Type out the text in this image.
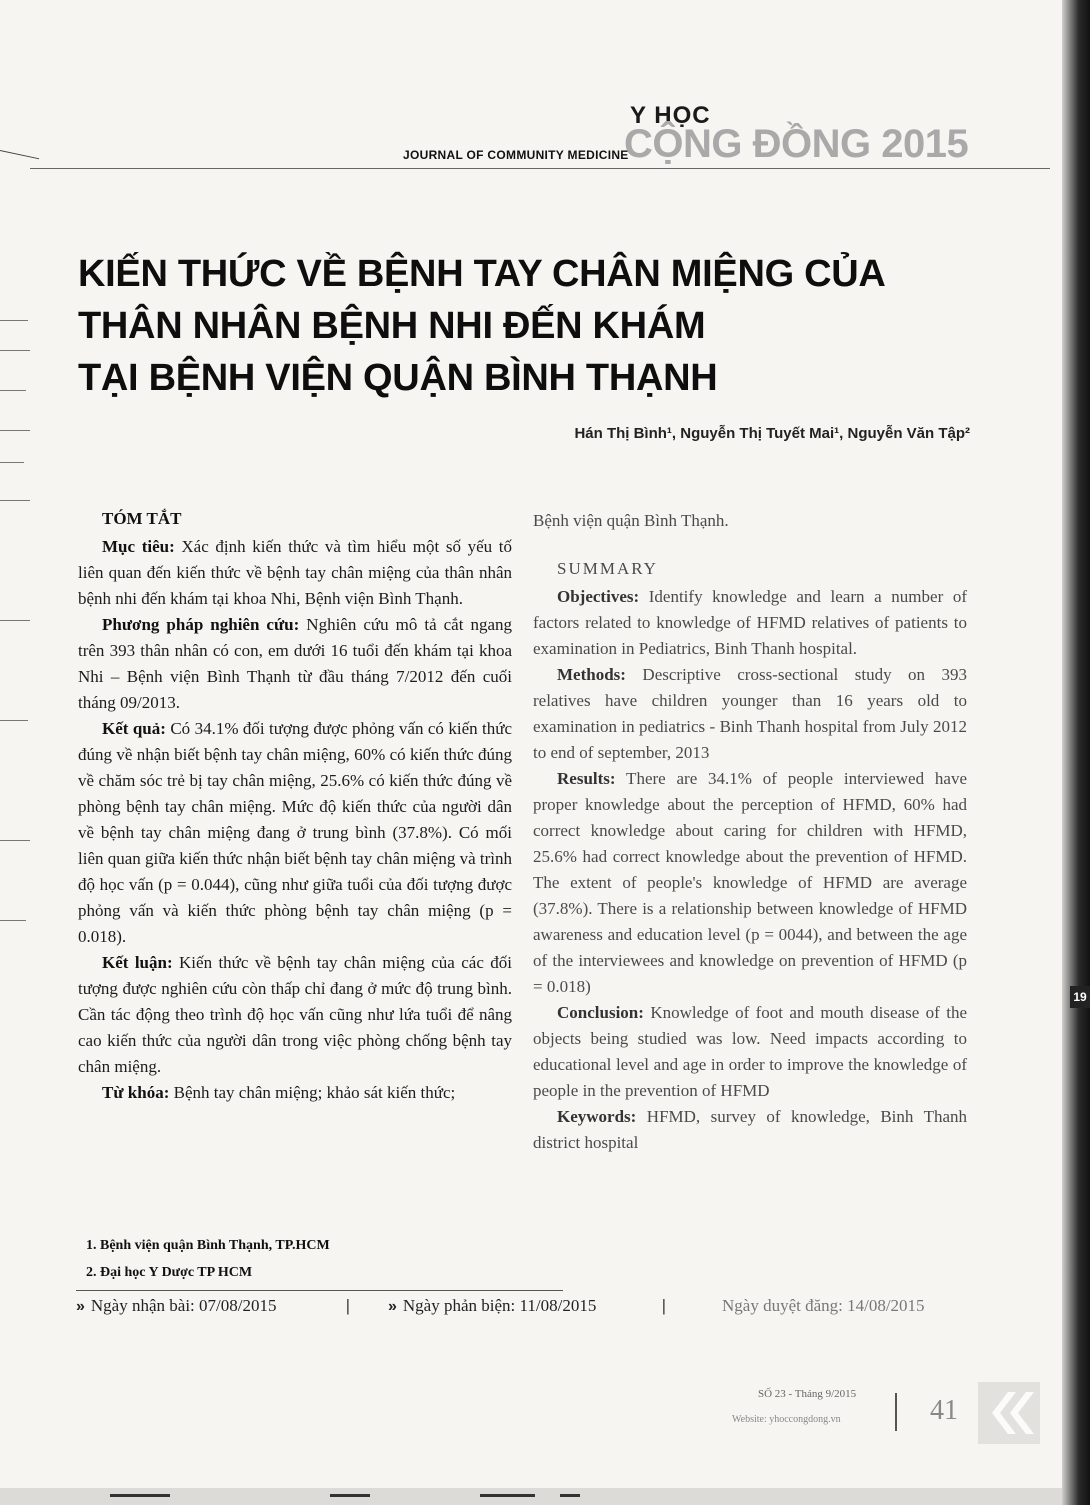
JOURNAL OF COMMUNITY MEDICINE
Y HỌC
CỘNG ĐỒNG 2015
KIẾN THỨC VỀ BỆNH TAY CHÂN MIỆNG CỦA
THÂN NHÂN BỆNH NHI ĐẾN KHÁM
TẠI BỆNH VIỆN QUẬN BÌNH THẠNH
Hán Thị Bình¹, Nguyễn Thị Tuyết Mai¹, Nguyễn Văn Tập²
TÓM TẮT

Mục tiêu: Xác định kiến thức và tìm hiểu một số yếu tố liên quan đến kiến thức về bệnh tay chân miệng của thân nhân bệnh nhi đến khám tại khoa Nhi, Bệnh viện Bình Thạnh.

Phương pháp nghiên cứu: Nghiên cứu mô tả cắt ngang trên 393 thân nhân có con, em dưới 16 tuổi đến khám tại khoa Nhi – Bệnh viện Bình Thạnh từ đầu tháng 7/2012 đến cuối tháng 09/2013.

Kết quả: Có 34.1% đối tượng được phỏng vấn có kiến thức đúng về nhận biết bệnh tay chân miệng, 60% có kiến thức đúng về chăm sóc trẻ bị tay chân miệng, 25.6% có kiến thức đúng về phòng bệnh tay chân miệng. Mức độ kiến thức của người dân về bệnh tay chân miệng đang ở trung bình (37.8%). Có mối liên quan giữa kiến thức nhận biết bệnh tay chân miệng và trình độ học vấn (p = 0.044), cũng như giữa tuổi của đối tượng được phỏng vấn và kiến thức phòng bệnh tay chân miệng (p = 0.018).

Kết luận: Kiến thức về bệnh tay chân miệng của các đối tượng được nghiên cứu còn thấp chỉ đang ở mức độ trung bình. Cần tác động theo trình độ học vấn cũng như lứa tuổi để nâng cao kiến thức của người dân trong việc phòng chống bệnh tay chân miệng.

Từ khóa: Bệnh tay chân miệng; khảo sát kiến thức;

Bệnh viện quận Bình Thạnh.

SUMMARY

Objectives: Identify knowledge and learn a number of factors related to knowledge of HFMD relatives of patients to examination in Pediatrics, Binh Thanh hospital.

Methods: Descriptive cross-sectional study on 393 relatives have children younger than 16 years old to examination in pediatrics - Binh Thanh hospital from July 2012 to end of september, 2013

Results: There are 34.1% of people interviewed have proper knowledge about the perception of HFMD, 60% had correct knowledge about caring for children with HFMD, 25.6% had correct knowledge about the prevention of HFMD. The extent of people's knowledge of HFMD are average (37.8%). There is a relationship between knowledge of HFMD awareness and education level (p = 0044), and between the age of the interviewees and knowledge on prevention of HFMD (p = 0.018)

Conclusion: Knowledge of foot and mouth disease of the objects being studied was low. Need impacts according to educational level and age in order to improve the knowledge of people in the prevention of HFMD

Keywords: HFMD, survey of knowledge, Binh Thanh district hospital

1. Bệnh viện quận Bình Thạnh, TP.HCM
2. Đại học Y Dược TP HCM
» Ngày nhận bài: 07/08/2015	| » Ngày phản biện: 11/08/2015	|	Ngày duyệt đăng: 14/08/2015
SỐ 23 - Tháng 9/2015
Website: yhoccongdong.vn	41
19
